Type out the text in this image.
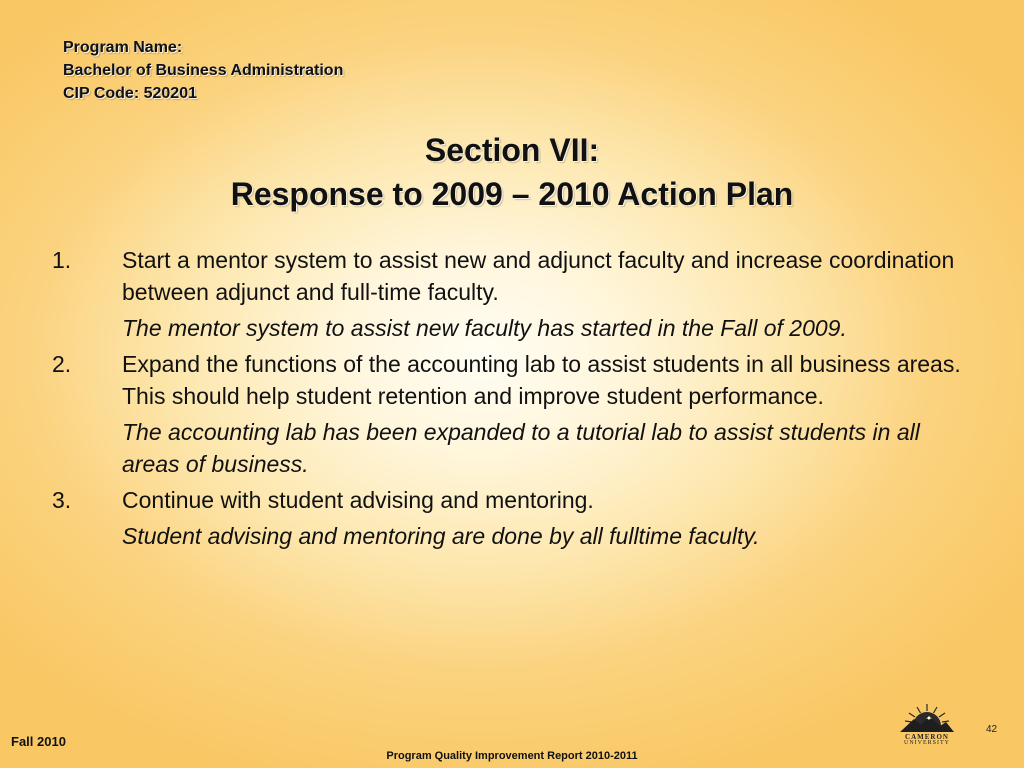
Program Name:
Bachelor of Business Administration
CIP Code: 520201
Section VII:
Response to 2009 – 2010 Action Plan
1. Start a mentor system to assist new and adjunct faculty and increase coordination between adjunct and full-time faculty.
The mentor system to assist new faculty has started in the Fall of 2009.
2. Expand the functions of the accounting lab to assist students in all business areas. This should help student retention and improve student performance.
The accounting lab has been expanded to a tutorial lab to assist students in all areas of business.
3. Continue with student advising and mentoring.
Student advising and mentoring are done by all fulltime faculty.
Fall 2010
Program Quality Improvement Report 2010-2011
42
CAMERON
UNIVERSITY
